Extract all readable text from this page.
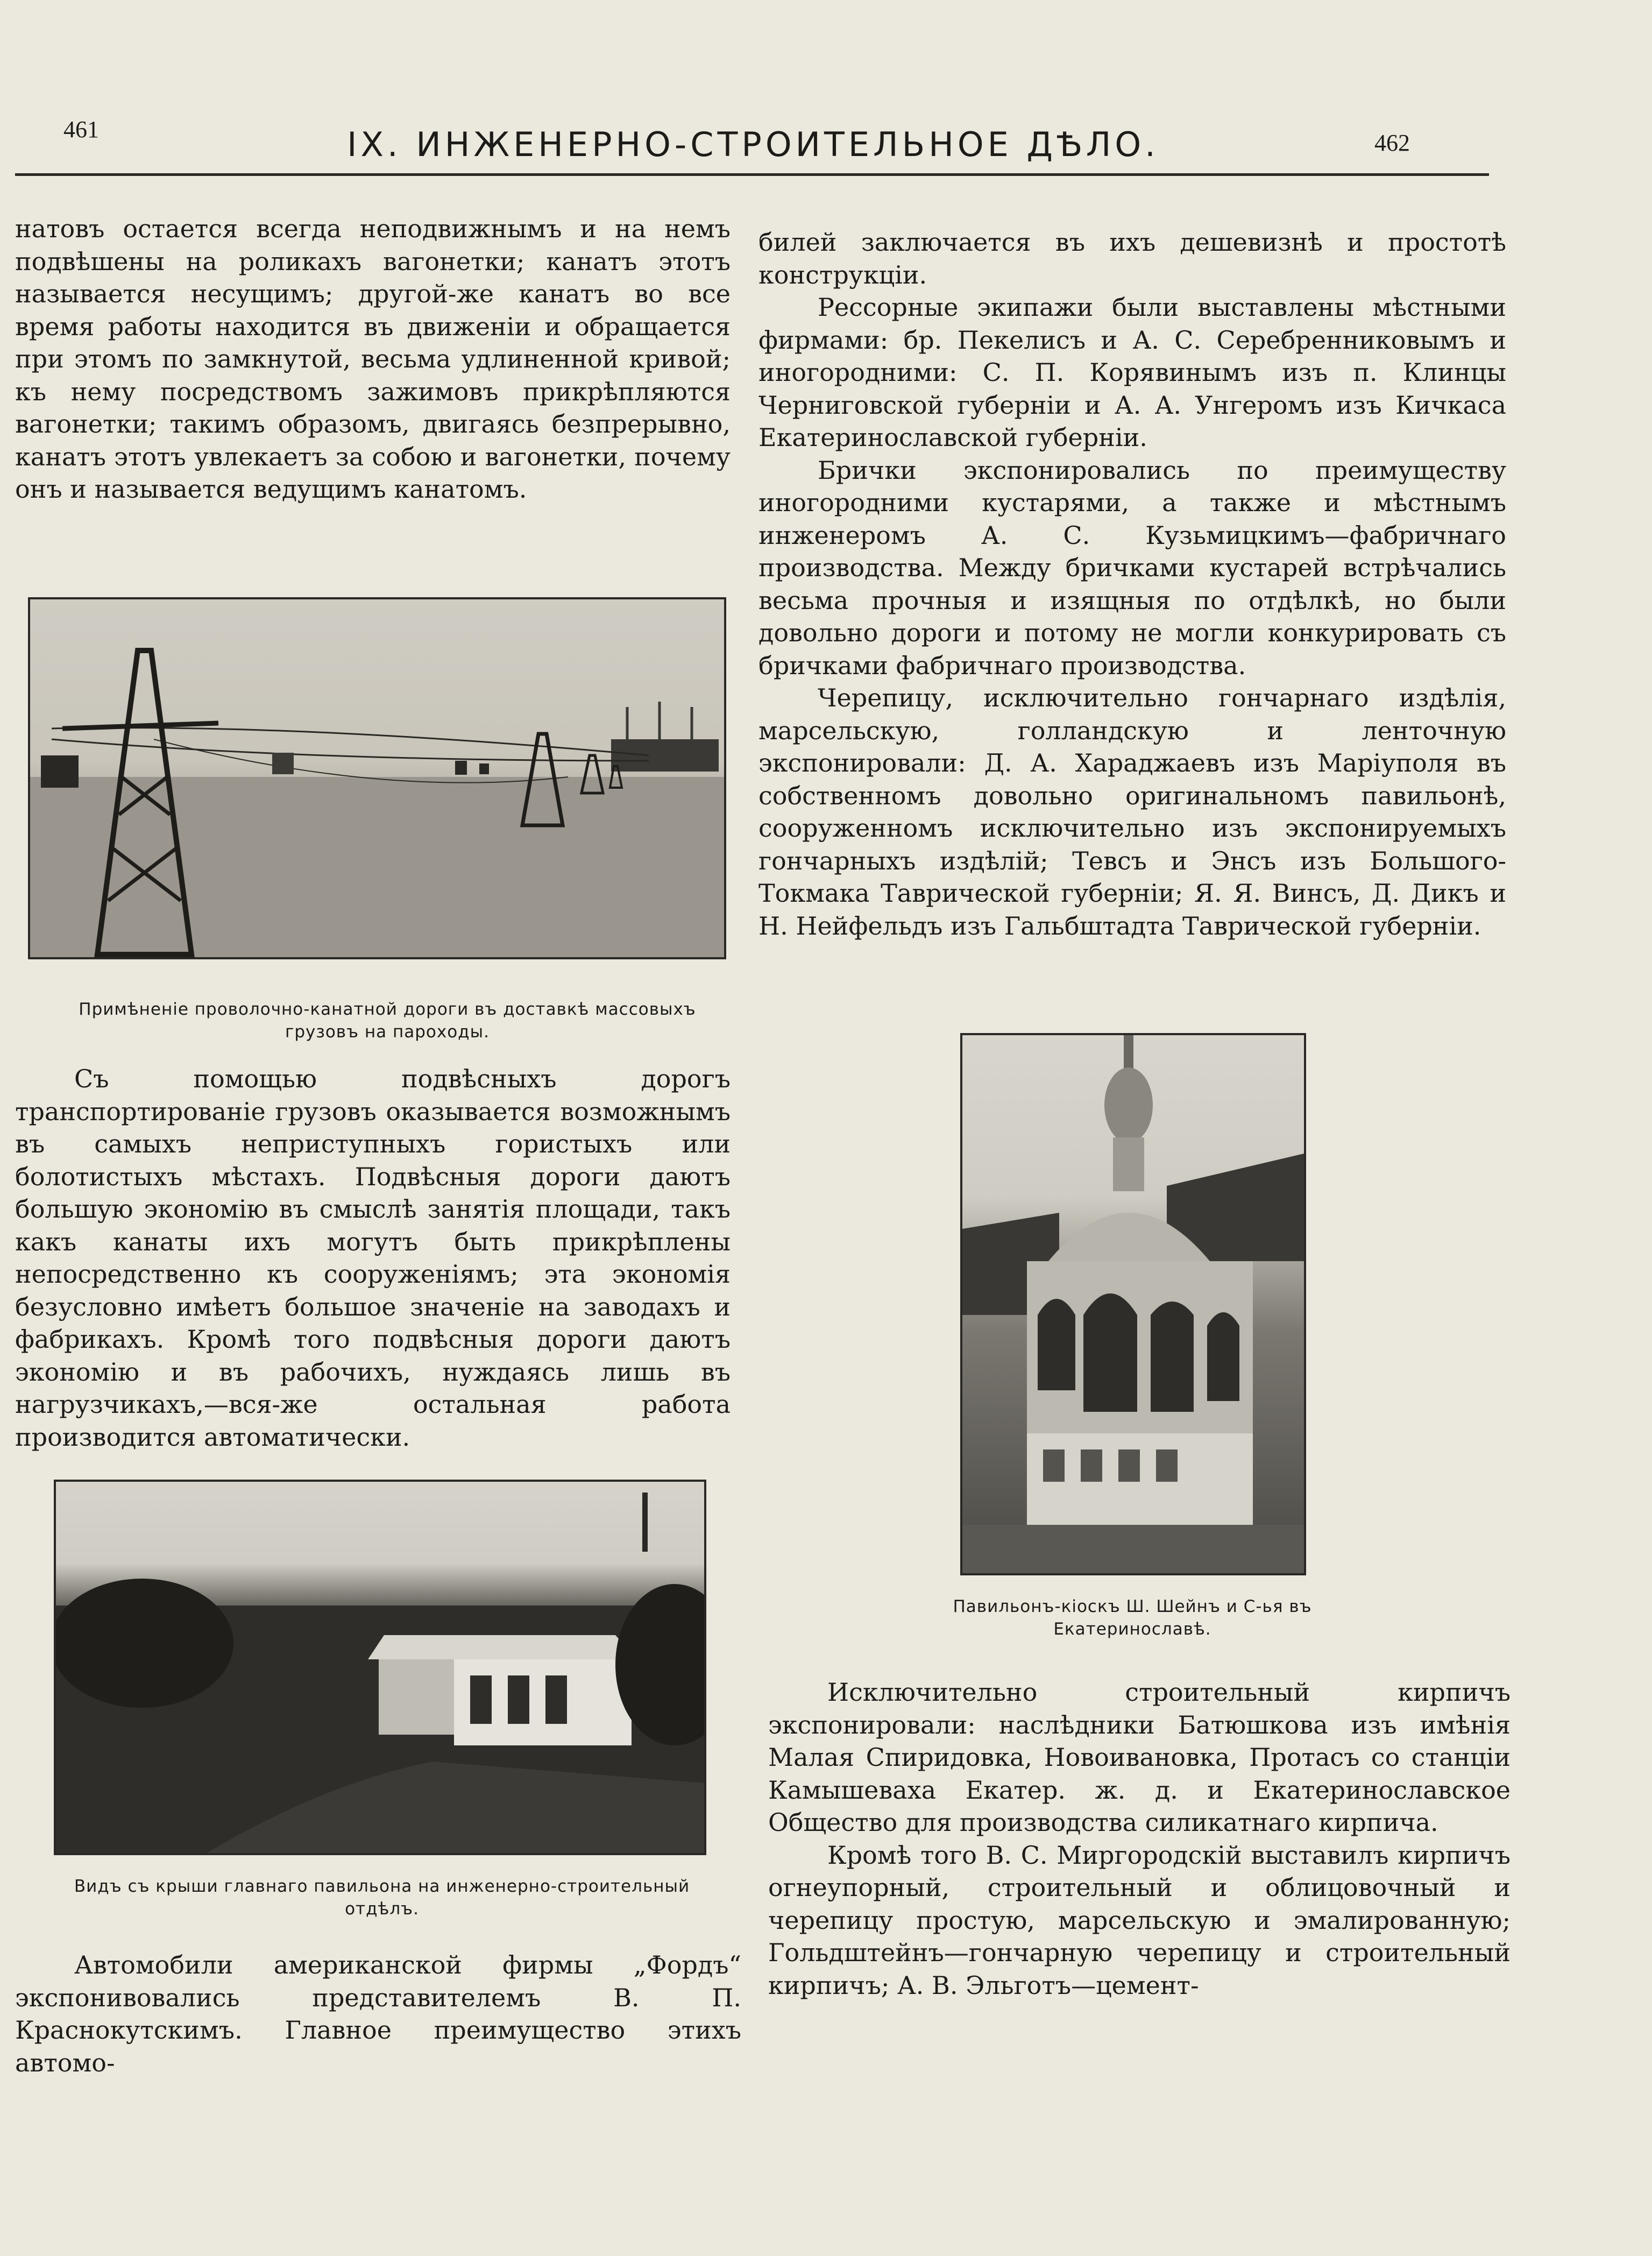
461	IX. ИНЖЕНЕРНО-СТРОИТЕЛЬНОЕ ДѢЛО.	462

натовъ остается всегда неподвижнымъ и на немъ подвѣшены на роликахъ вагонетки; канатъ этотъ называется несущимъ; другой-же канатъ во все время работы находится въ движеніи и обращается при этомъ по замкнутой, весьма удлиненной кривой; къ нему посредствомъ зажимовъ прикрѣпляются вагонетки; такимъ образомъ, двигаясь безпрерывно, канатъ этотъ увлекаетъ за собою и вагонетки, почему онъ и называется ведущимъ канатомъ.

Примѣненіе проволочно-канатной дороги въ доставкѣ массовыхъ грузовъ на пароходы.

Съ помощью подвѣсныхъ дорогъ транспортированіе грузовъ оказывается возможнымъ въ самыхъ неприступныхъ гористыхъ или болотистыхъ мѣстахъ. Подвѣсныя дороги даютъ большую экономію въ смыслѣ занятія площади, такъ какъ канаты ихъ могутъ быть прикрѣплены непосредственно къ сооруженіямъ; эта экономія безусловно имѣетъ большое значеніе на заводахъ и фабрикахъ. Кромѣ того подвѣсныя дороги даютъ экономію и въ рабочихъ, нуждаясь лишь въ нагрузчикахъ,—вся-же остальная работа производится автоматически.

Видъ съ крыши главнаго павильона на инженерно-строительный отдѣлъ.

Автомобили американской фирмы „Фордъ“ экспонивовались представителемъ В. П. Краснокутскимъ. Главное преимущество этихъ автомо-

билей заключается въ ихъ дешевизнѣ и простотѣ конструкціи.

Рессорные экипажи были выставлены мѣстными фирмами: бр. Пекелисъ и А. С. Серебренниковымъ и иногородними: С. П. Корявинымъ изъ п. Клинцы Черниговской губерніи и А. А. Унгеромъ изъ Кичкаса Екатеринославской губерніи.

Брички экспонировались по преимуществу иногородними кустарями, а также и мѣстнымъ инженеромъ А. С. Кузьмицкимъ—фабричнаго производства. Между бричками кустарей встрѣчались весьма прочныя и изящныя по отдѣлкѣ, но были довольно дороги и потому не могли конкурировать съ бричками фабричнаго производства.

Черепицу, исключительно гончарнаго издѣлія, марсельскую, голландскую и ленточную экспонировали: Д. А. Хараджаевъ изъ Маріуполя въ собственномъ довольно оригинальномъ павильонѣ, сооруженномъ исключительно изъ экспонируемыхъ гончарныхъ издѣлій; Тевсъ и Энсъ изъ Большого-Токмака Таврической губерніи; Я. Я. Винсъ, Д. Дикъ и Н. Нейфельдъ изъ Гальбштадта Таврической губерніи.

Павильонъ-кіоскъ Ш. Шейнъ и С-ья въ Екатеринославѣ.

Исключительно строительный кирпичъ экспонировали: наслѣдники Батюшкова изъ имѣнія Малая Спиридовка, Новоивановка, Протасъ со станціи Камышеваха Екатер. ж. д. и Екатеринославское Общество для производства силикатнаго кирпича.

Кромѣ того В. С. Миргородскій выставилъ кирпичъ огнеупорный, строительный и облицовочный и черепицу простую, марсельскую и эмалированную; Гольдштейнъ—гончарную черепицу и строительный кирпичъ; А. В. Эльготъ—цемент-
